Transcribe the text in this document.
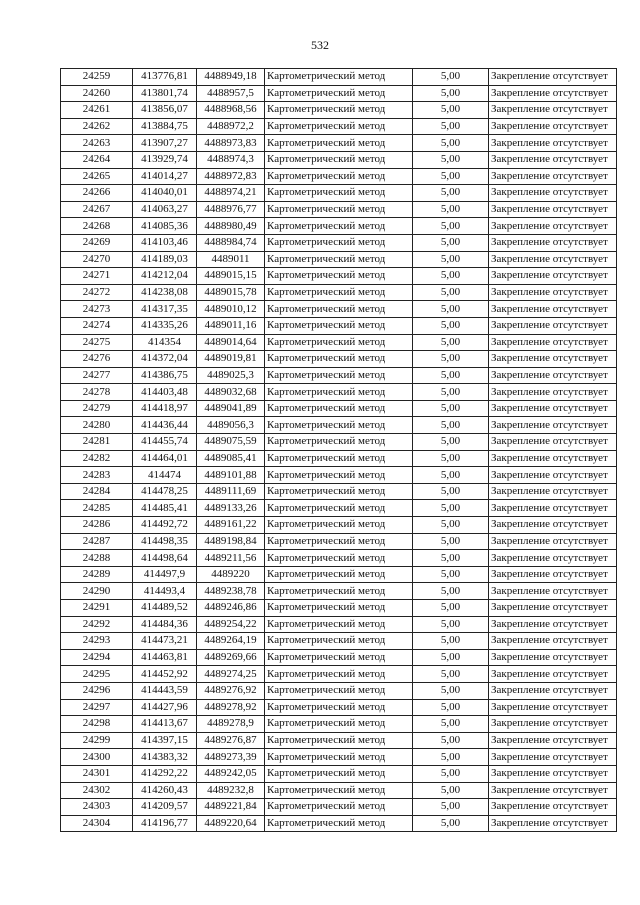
532
24259	413776,81	4488949,18	Картометрический метод	5,00	Закрепление отсутствует
24260	413801,74	4488957,5	Картометрический метод	5,00	Закрепление отсутствует
24261	413856,07	4488968,56	Картометрический метод	5,00	Закрепление отсутствует
24262	413884,75	4488972,2	Картометрический метод	5,00	Закрепление отсутствует
24263	413907,27	4488973,83	Картометрический метод	5,00	Закрепление отсутствует
24264	413929,74	4488974,3	Картометрический метод	5,00	Закрепление отсутствует
24265	414014,27	4488972,83	Картометрический метод	5,00	Закрепление отсутствует
24266	414040,01	4488974,21	Картометрический метод	5,00	Закрепление отсутствует
24267	414063,27	4488976,77	Картометрический метод	5,00	Закрепление отсутствует
24268	414085,36	4488980,49	Картометрический метод	5,00	Закрепление отсутствует
24269	414103,46	4488984,74	Картометрический метод	5,00	Закрепление отсутствует
24270	414189,03	4489011	Картометрический метод	5,00	Закрепление отсутствует
24271	414212,04	4489015,15	Картометрический метод	5,00	Закрепление отсутствует
24272	414238,08	4489015,78	Картометрический метод	5,00	Закрепление отсутствует
24273	414317,35	4489010,12	Картометрический метод	5,00	Закрепление отсутствует
24274	414335,26	4489011,16	Картометрический метод	5,00	Закрепление отсутствует
24275	414354	4489014,64	Картометрический метод	5,00	Закрепление отсутствует
24276	414372,04	4489019,81	Картометрический метод	5,00	Закрепление отсутствует
24277	414386,75	4489025,3	Картометрический метод	5,00	Закрепление отсутствует
24278	414403,48	4489032,68	Картометрический метод	5,00	Закрепление отсутствует
24279	414418,97	4489041,89	Картометрический метод	5,00	Закрепление отсутствует
24280	414436,44	4489056,3	Картометрический метод	5,00	Закрепление отсутствует
24281	414455,74	4489075,59	Картометрический метод	5,00	Закрепление отсутствует
24282	414464,01	4489085,41	Картометрический метод	5,00	Закрепление отсутствует
24283	414474	4489101,88	Картометрический метод	5,00	Закрепление отсутствует
24284	414478,25	4489111,69	Картометрический метод	5,00	Закрепление отсутствует
24285	414485,41	4489133,26	Картометрический метод	5,00	Закрепление отсутствует
24286	414492,72	4489161,22	Картометрический метод	5,00	Закрепление отсутствует
24287	414498,35	4489198,84	Картометрический метод	5,00	Закрепление отсутствует
24288	414498,64	4489211,56	Картометрический метод	5,00	Закрепление отсутствует
24289	414497,9	4489220	Картометрический метод	5,00	Закрепление отсутствует
24290	414493,4	4489238,78	Картометрический метод	5,00	Закрепление отсутствует
24291	414489,52	4489246,86	Картометрический метод	5,00	Закрепление отсутствует
24292	414484,36	4489254,22	Картометрический метод	5,00	Закрепление отсутствует
24293	414473,21	4489264,19	Картометрический метод	5,00	Закрепление отсутствует
24294	414463,81	4489269,66	Картометрический метод	5,00	Закрепление отсутствует
24295	414452,92	4489274,25	Картометрический метод	5,00	Закрепление отсутствует
24296	414443,59	4489276,92	Картометрический метод	5,00	Закрепление отсутствует
24297	414427,96	4489278,92	Картометрический метод	5,00	Закрепление отсутствует
24298	414413,67	4489278,9	Картометрический метод	5,00	Закрепление отсутствует
24299	414397,15	4489276,87	Картометрический метод	5,00	Закрепление отсутствует
24300	414383,32	4489273,39	Картометрический метод	5,00	Закрепление отсутствует
24301	414292,22	4489242,05	Картометрический метод	5,00	Закрепление отсутствует
24302	414260,43	4489232,8	Картометрический метод	5,00	Закрепление отсутствует
24303	414209,57	4489221,84	Картометрический метод	5,00	Закрепление отсутствует
24304	414196,77	4489220,64	Картометрический метод	5,00	Закрепление отсутствует
